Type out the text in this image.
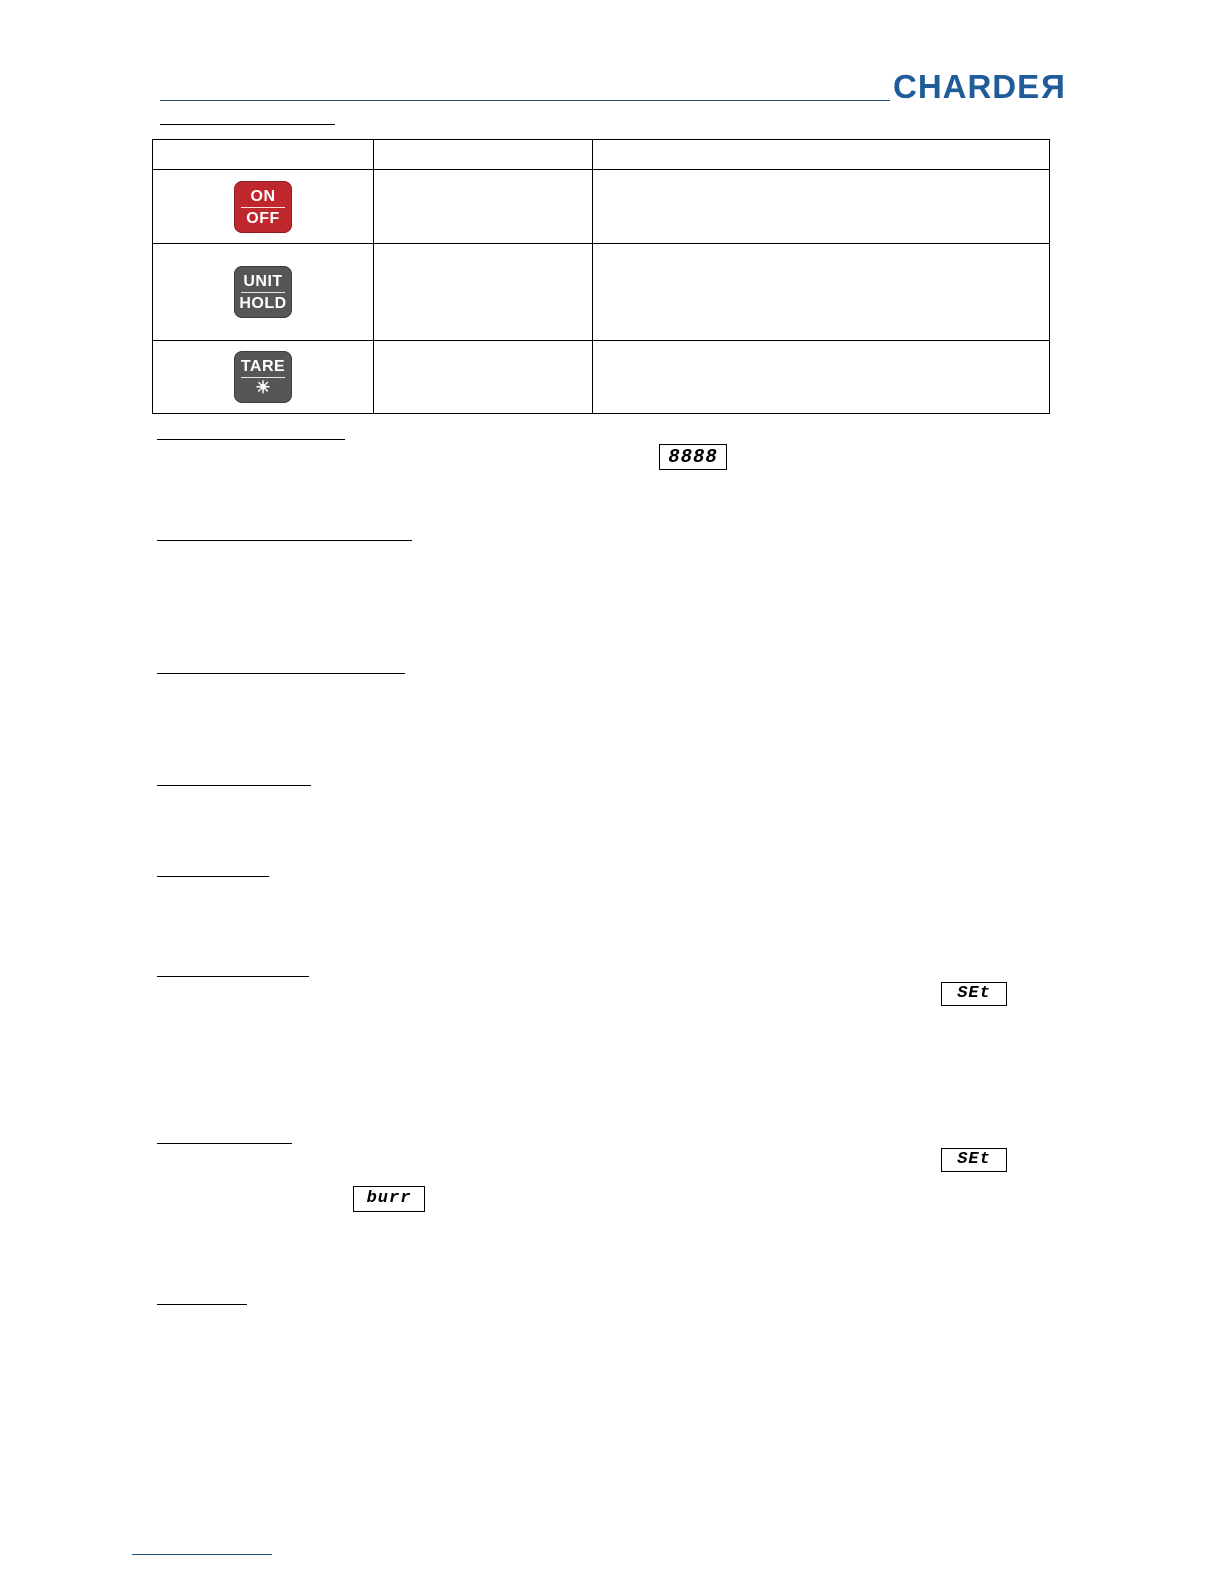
CHARDER

ON
OFF		

UNIT
HOLD		

TARE
☀		

8888
SEt
SEt
burr
